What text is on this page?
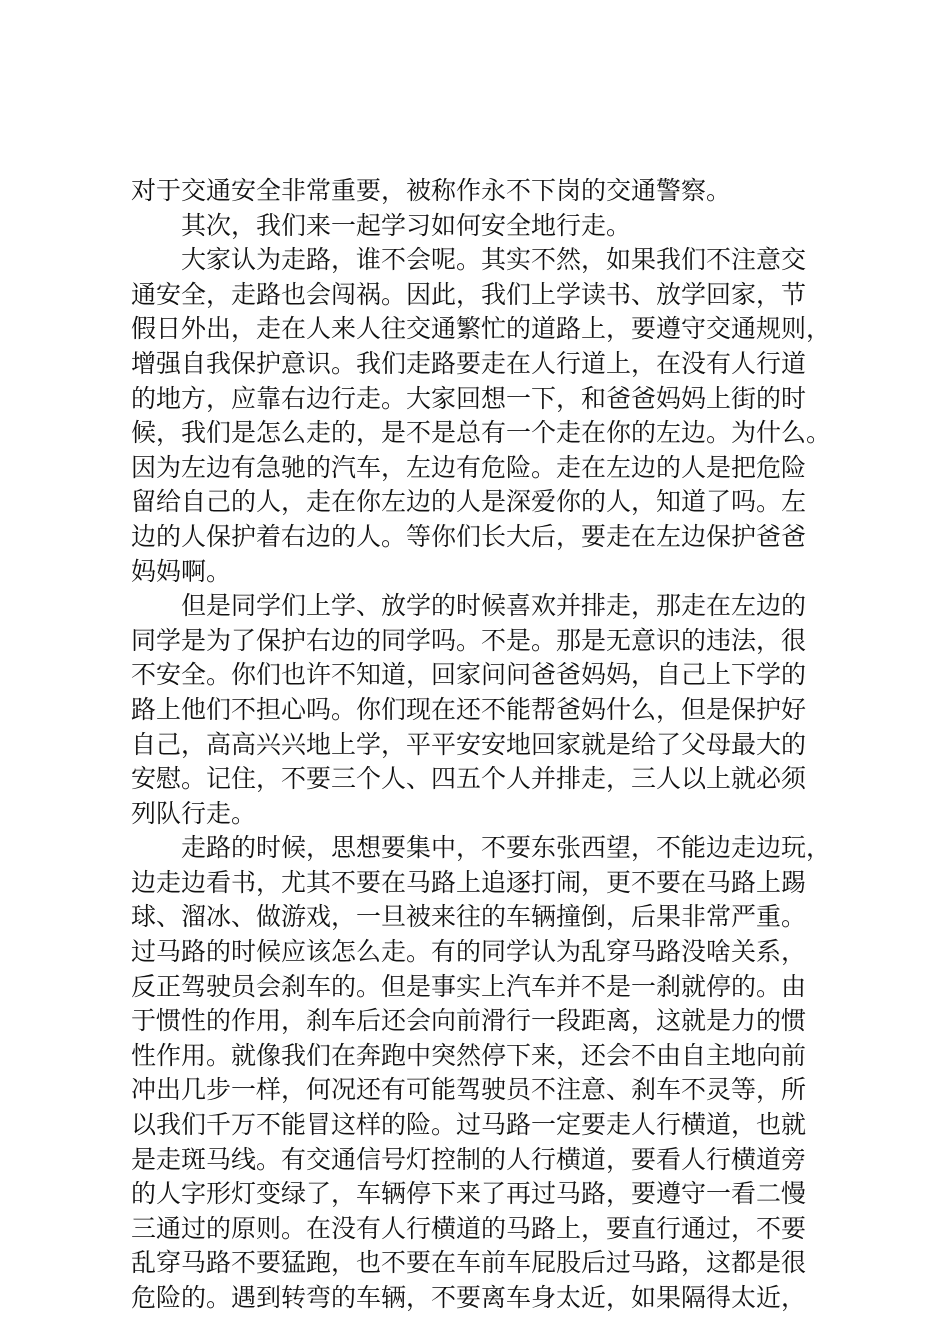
对于交通安全非常重要，被称作永不下岗的交通警察。
其次，我们来一起学习如何安全地行走。
大家认为走路，谁不会呢。其实不然，如果我们不注意交
通安全，走路也会闯祸。因此，我们上学读书、放学回家，节
假日外出，走在人来人往交通繁忙的道路上，要遵守交通规则，
增强自我保护意识。我们走路要走在人行道上，在没有人行道
的地方，应靠右边行走。大家回想一下，和爸爸妈妈上街的时
候，我们是怎么走的，是不是总有一个走在你的左边。为什么。
因为左边有急驰的汽车，左边有危险。走在左边的人是把危险
留给自己的人，走在你左边的人是深爱你的人，知道了吗。左
边的人保护着右边的人。等你们长大后，要走在左边保护爸爸
妈妈啊。
但是同学们上学、放学的时候喜欢并排走，那走在左边的
同学是为了保护右边的同学吗。不是。那是无意识的违法，很
不安全。你们也许不知道，回家问问爸爸妈妈，自己上下学的
路上他们不担心吗。你们现在还不能帮爸妈什么，但是保护好
自己，高高兴兴地上学，平平安安地回家就是给了父母最大的
安慰。记住，不要三个人、四五个人并排走，三人以上就必须
列队行走。
走路的时候，思想要集中，不要东张西望，不能边走边玩，
边走边看书，尤其不要在马路上追逐打闹，更不要在马路上踢
球、溜冰、做游戏，一旦被来往的车辆撞倒，后果非常严重。
过马路的时候应该怎么走。有的同学认为乱穿马路没啥关系，
反正驾驶员会刹车的。但是事实上汽车并不是一刹就停的。由
于惯性的作用，刹车后还会向前滑行一段距离，这就是力的惯
性作用。就像我们在奔跑中突然停下来，还会不由自主地向前
冲出几步一样，何况还有可能驾驶员不注意、刹车不灵等，所
以我们千万不能冒这样的险。过马路一定要走人行横道，也就
是走斑马线。有交通信号灯控制的人行横道，要看人行横道旁
的人字形灯变绿了，车辆停下来了再过马路，要遵守一看二慢
三通过的原则。在没有人行横道的马路上，要直行通过，不要
乱穿马路不要猛跑，也不要在车前车屁股后过马路，这都是很
危险的。遇到转弯的车辆，不要离车身太近，如果隔得太近，
